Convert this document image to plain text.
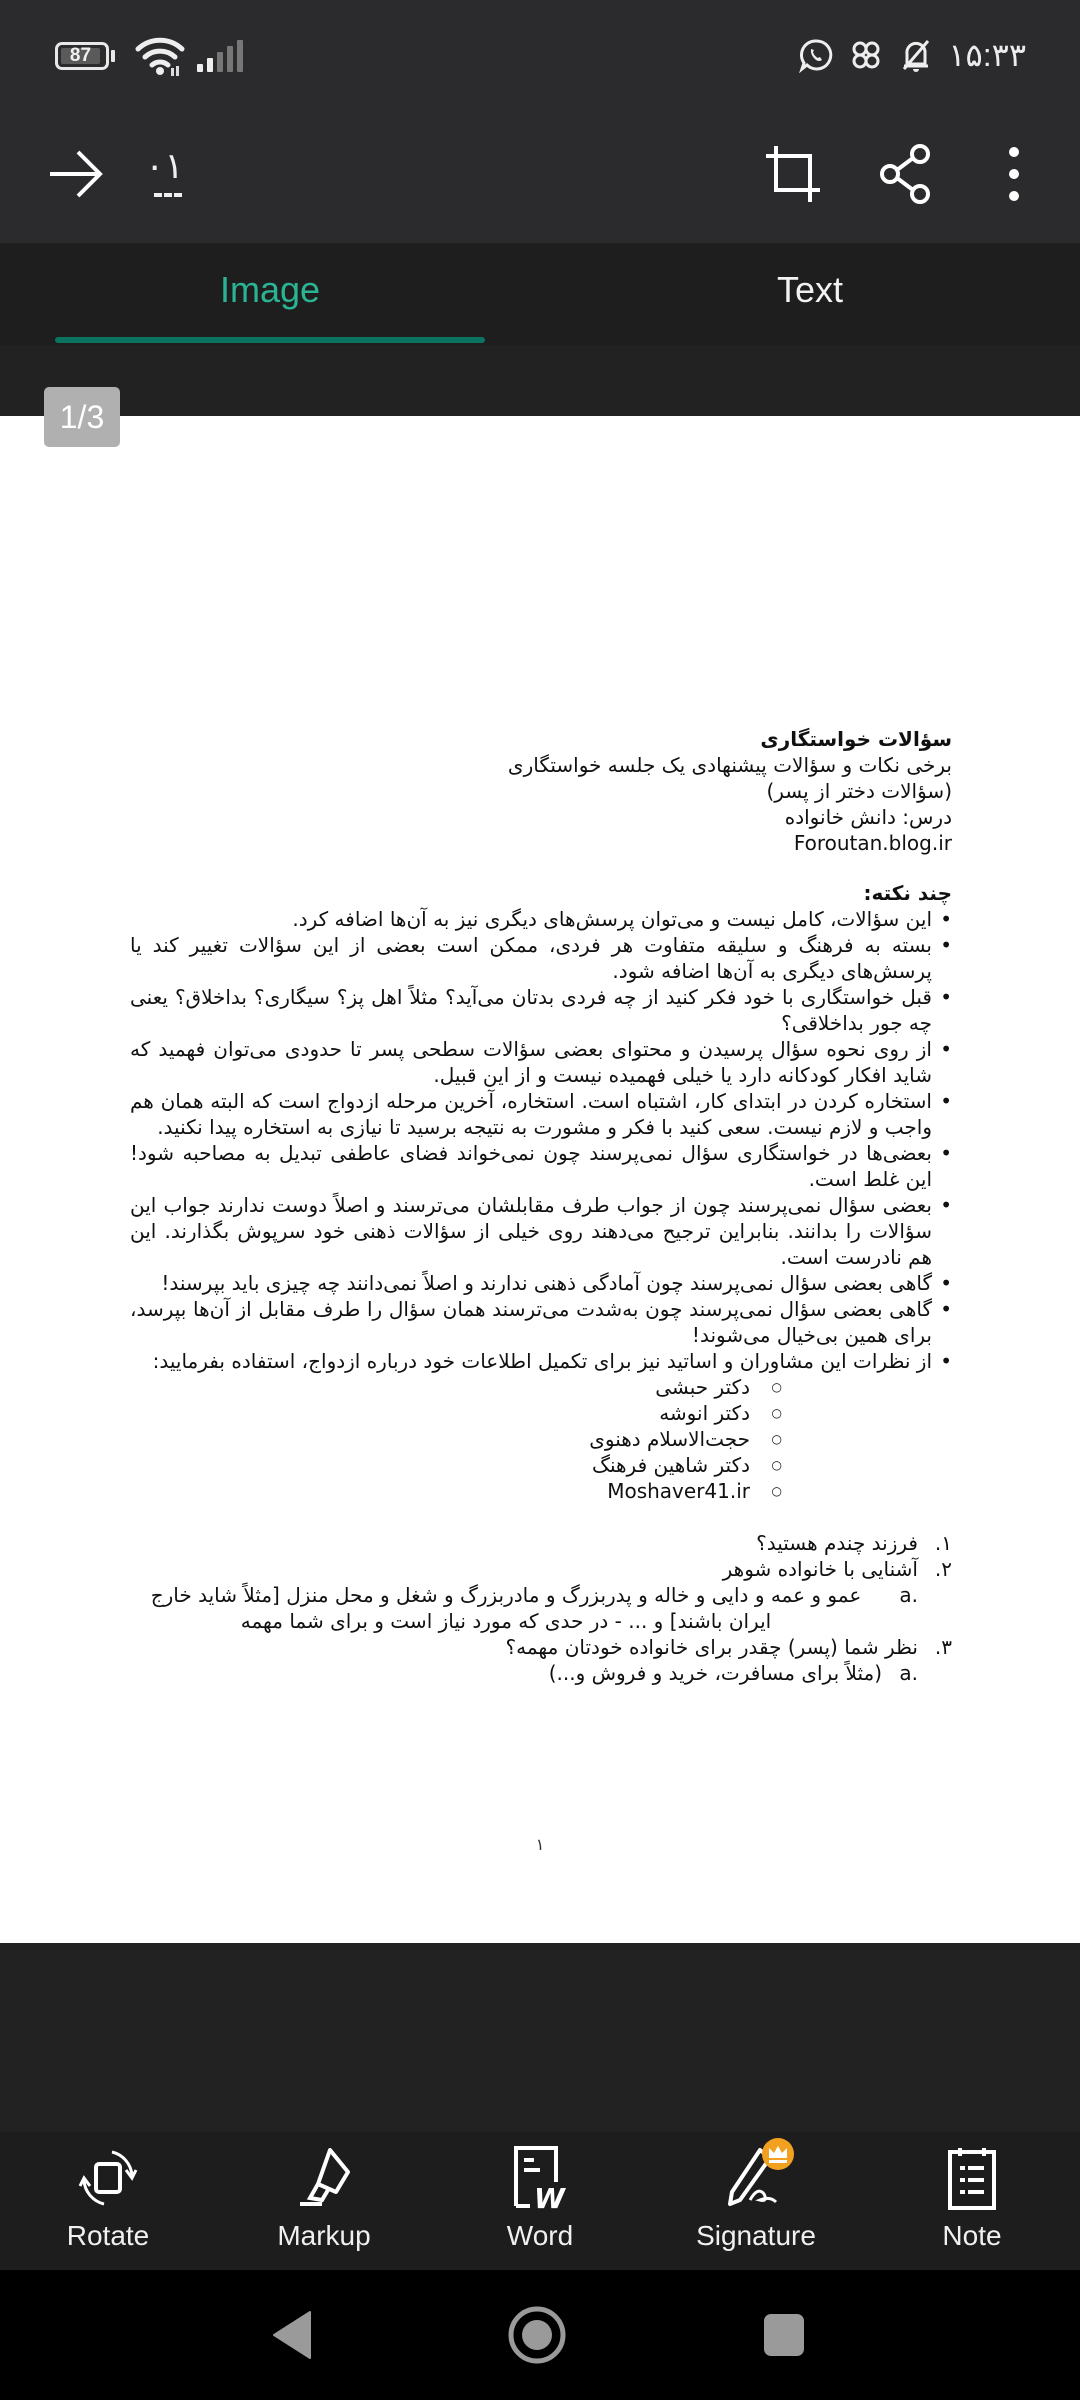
87	۱۵:۳۳
۰۱
Image	Text
سؤالات خواستگاری
برخی نکات و سؤالات پیشنهادی یک جلسه خواستگاری
(سؤالات دختر از پسر)
درس: دانش خانواده
Foroutan.blog.ir
چند نکته:
• این سؤالات، کامل نیست و می‌توان پرسش‌های دیگری نیز به آن‌ها اضافه کرد.
• بسته به فرهنگ و سلیقه متفاوت هر فردی، ممکن است بعضی از این سؤالات تغییر کند یا پرسش‌های دیگری به آن‌ها اضافه شود.
• قبل خواستگاری با خود فکر کنید از چه فردی بدتان می‌آید؟ مثلاً اهل پز؟ سیگاری؟ بداخلاق؟ یعنی چه جور بداخلاقی؟
• از روی نحوه سؤال پرسیدن و محتوای بعضی سؤالات سطحی پسر تا حدودی می‌توان فهمید که شاید افکار کودکانه دارد یا خیلی فهمیده نیست و از این قبیل.
• استخاره کردن در ابتدای کار، اشتباه است. استخاره، آخرین مرحله ازدواج است که البته همان هم واجب و لازم نیست. سعی کنید با فکر و مشورت به نتیجه برسید تا نیازی به استخاره پیدا نکنید.
• بعضی‌ها در خواستگاری سؤال نمی‌پرسند چون نمی‌خواند فضای عاطفی تبدیل به مصاحبه شود! این غلط است.
• بعضی سؤال نمی‌پرسند چون از جواب طرف مقابلشان می‌ترسند و اصلاً دوست ندارند جواب این سؤالات را بدانند. بنابراین ترجیح می‌دهند روی خیلی از سؤالات ذهنی خود سرپوش بگذارند. این هم نادرست است.
• گاهی بعضی سؤال نمی‌پرسند چون آمادگی ذهنی ندارند و اصلاً نمی‌دانند چه چیزی باید بپرسند!
• گاهی بعضی سؤال نمی‌پرسند چون به‌شدت می‌ترسند همان سؤال را طرف مقابل از آن‌ها بپرسد، برای همین بی‌خیال می‌شوند!
• از نظرات این مشاوران و اساتید نیز برای تکمیل اطلاعات خود درباره ازدواج، استفاده بفرمایید:
○ دکتر حبشی
○ دکتر انوشه
○ حجت‌الاسلام دهنوی
○ دکتر شاهین فرهنگ
○ Moshaver41.ir
۱.
فرزند چندم هستید؟
۲.
آشنایی با خانواده شوهر
a.
عمو و عمه و دایی و خاله و پدربزرگ و مادربزرگ و شغل و محل منزل [مثلاً شاید خارج ایران باشند] و ... - در حدی که مورد نیاز است و برای شما مهمه
۳.
نظر شما (پسر) چقدر برای خانواده خودتان مهمه؟
a.
(مثلاً برای مسافرت، خرید و فروش و...)
۱
1/3
Rotate	Markup
W
Word	Signature	Note
